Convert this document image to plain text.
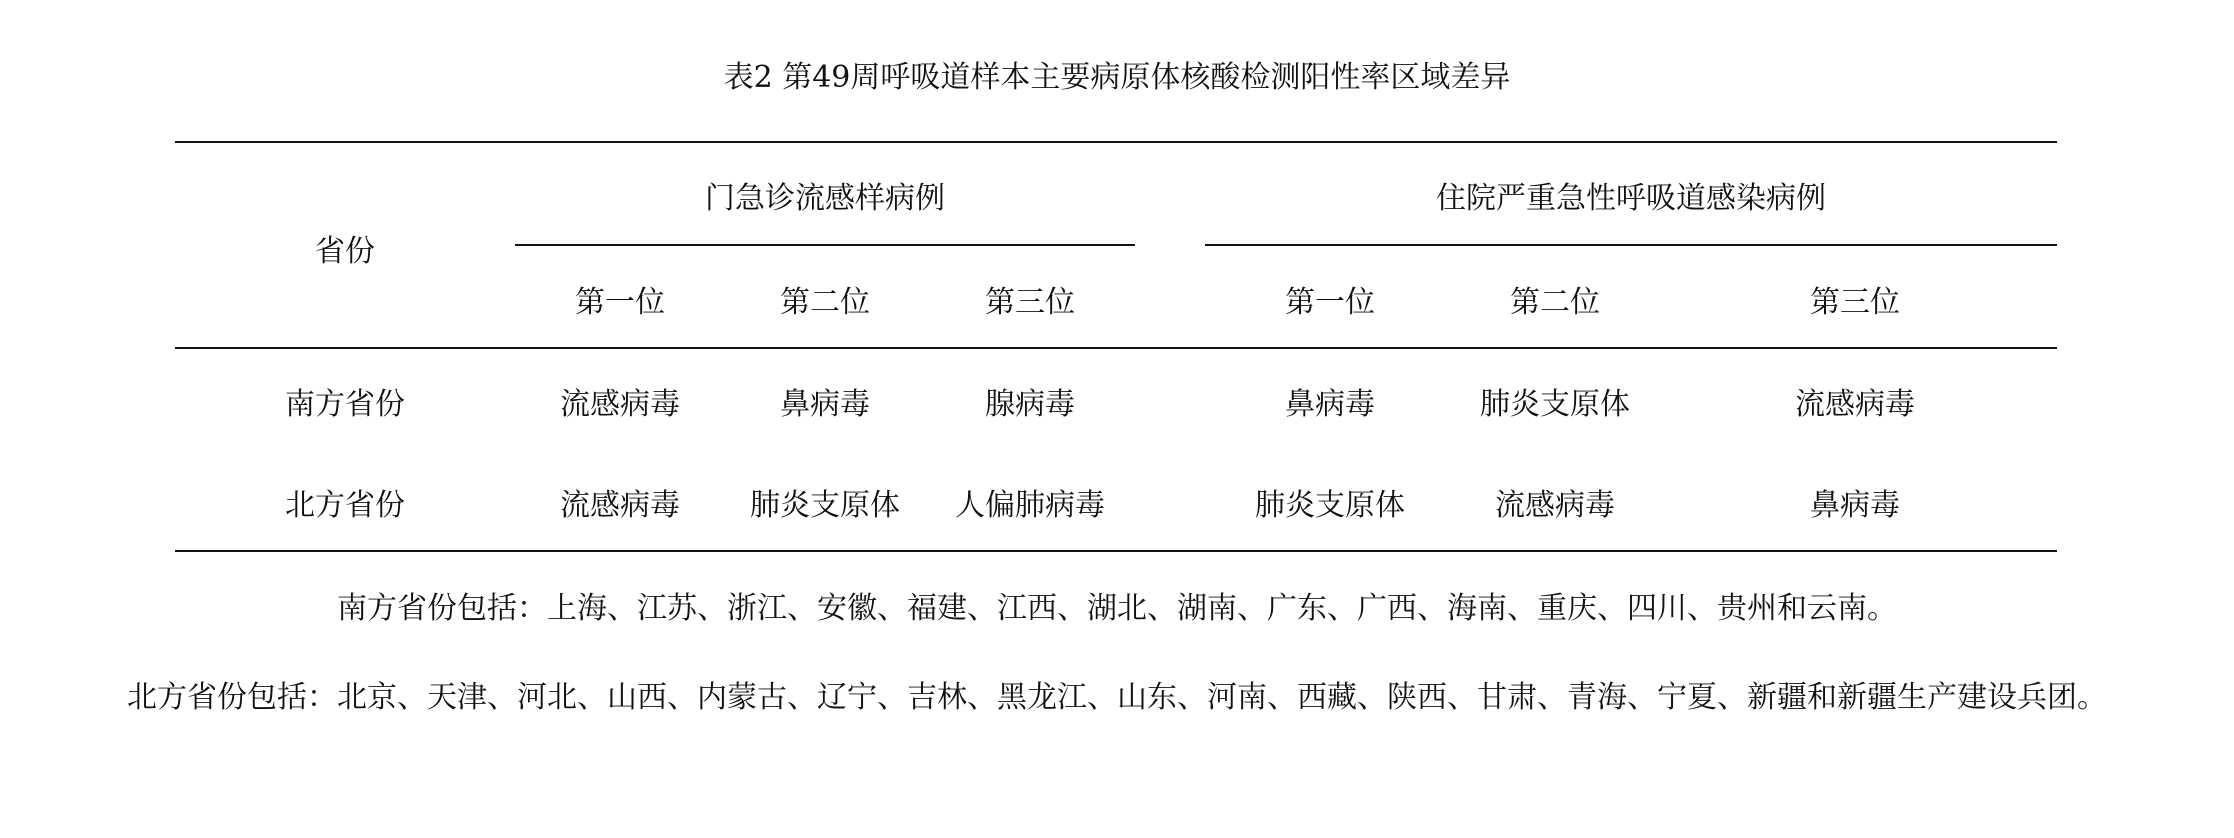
表2 第49周呼吸道样本主要病原体核酸检测阳性率区域差异
省份
门急诊流感样病例	住院严重急性呼吸道感染病例
第一位	第二位	第三位	第一位	第二位	第三位
南方省份	流感病毒	鼻病毒	腺病毒	鼻病毒	肺炎支原体	流感病毒
北方省份	流感病毒	肺炎支原体	人偏肺病毒	肺炎支原体	流感病毒	鼻病毒
南方省份包括：上海、江苏、浙江、安徽、福建、江西、湖北、湖南、广东、广西、海南、重庆、四川、贵州和云南。
北方省份包括：北京、天津、河北、山西、内蒙古、辽宁、吉林、黑龙江、山东、河南、西藏、陕西、甘肃、青海、宁夏、新疆和新疆生产建设兵团。
